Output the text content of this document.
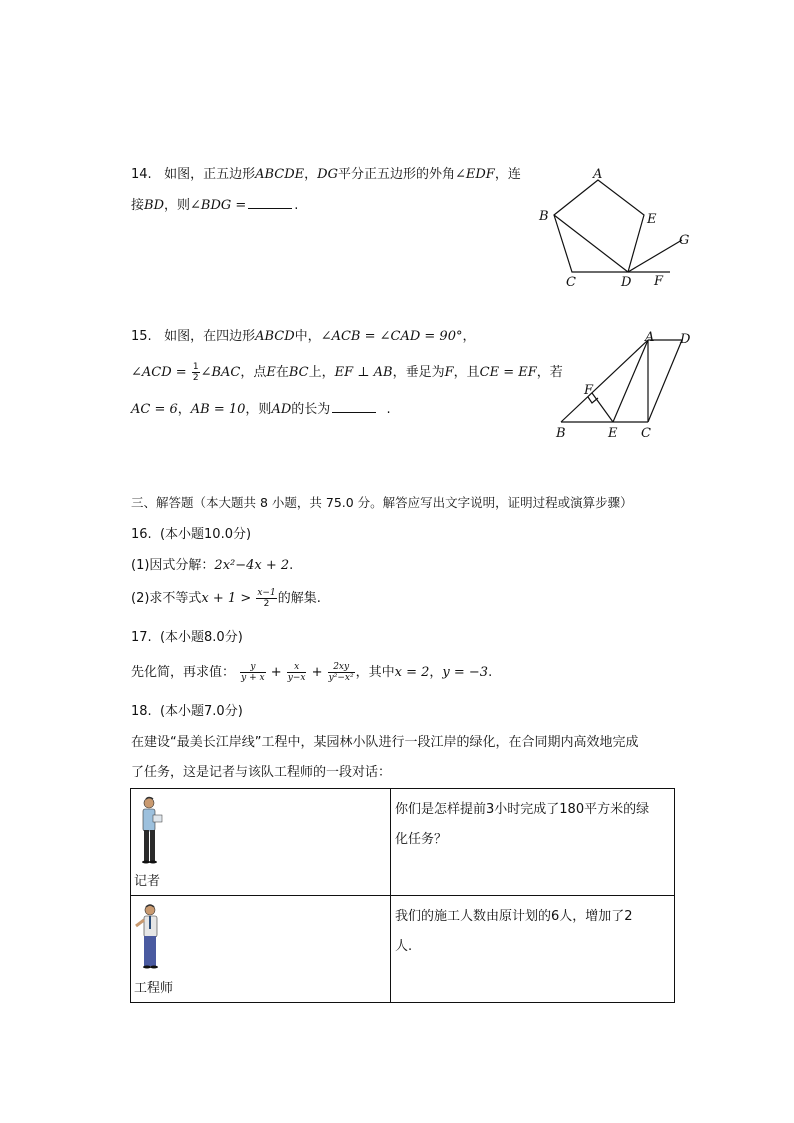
14. 如图，正五边形ABCDE，DG平分正五边形的外角∠EDF，连
接BD，则∠BDG =	.
A
B
C	D
E
F
G
15. 如图，在四边形ABCD中，∠ACB = ∠CAD = 90°，
∠ACD = $\frac{1}{2}$ ∠BAC，点E在BC上，EF ⊥ AB，垂足为F，且CE = EF，若
AC = 6，AB = 10，则AD的长为	.
A D
F
B	E C
三、解答题（本大题共 8 小题，共 75.0 分。解答应写出文字说明，证明过程或演算步骤）
16. (本小题10.0分)
(1)因式分解：2x²−4x + 2.
(2)求不等式$x + 1 > \frac{x-1}{2}$ 的解集.
17. (本小题8.0分)
先化简，再求值： $\frac{y}{y + x} + \frac{x}{y-x} + \frac{2xy}{\text{y²−x²}}$ ，其中x = 2，y = −3.
18. (本小题7.0分)
在建设“最美长江岸线”工程中，某园林小队进行一段江岸的绿化，在合同期内高效地完成
了任务，这是记者与该队工程师的一段对话：
记者	你们是怎样提前3小时完成了180平方米的绿
化任务？

工程师	我们的施工人数由原计划的6人，增加了2
人.
